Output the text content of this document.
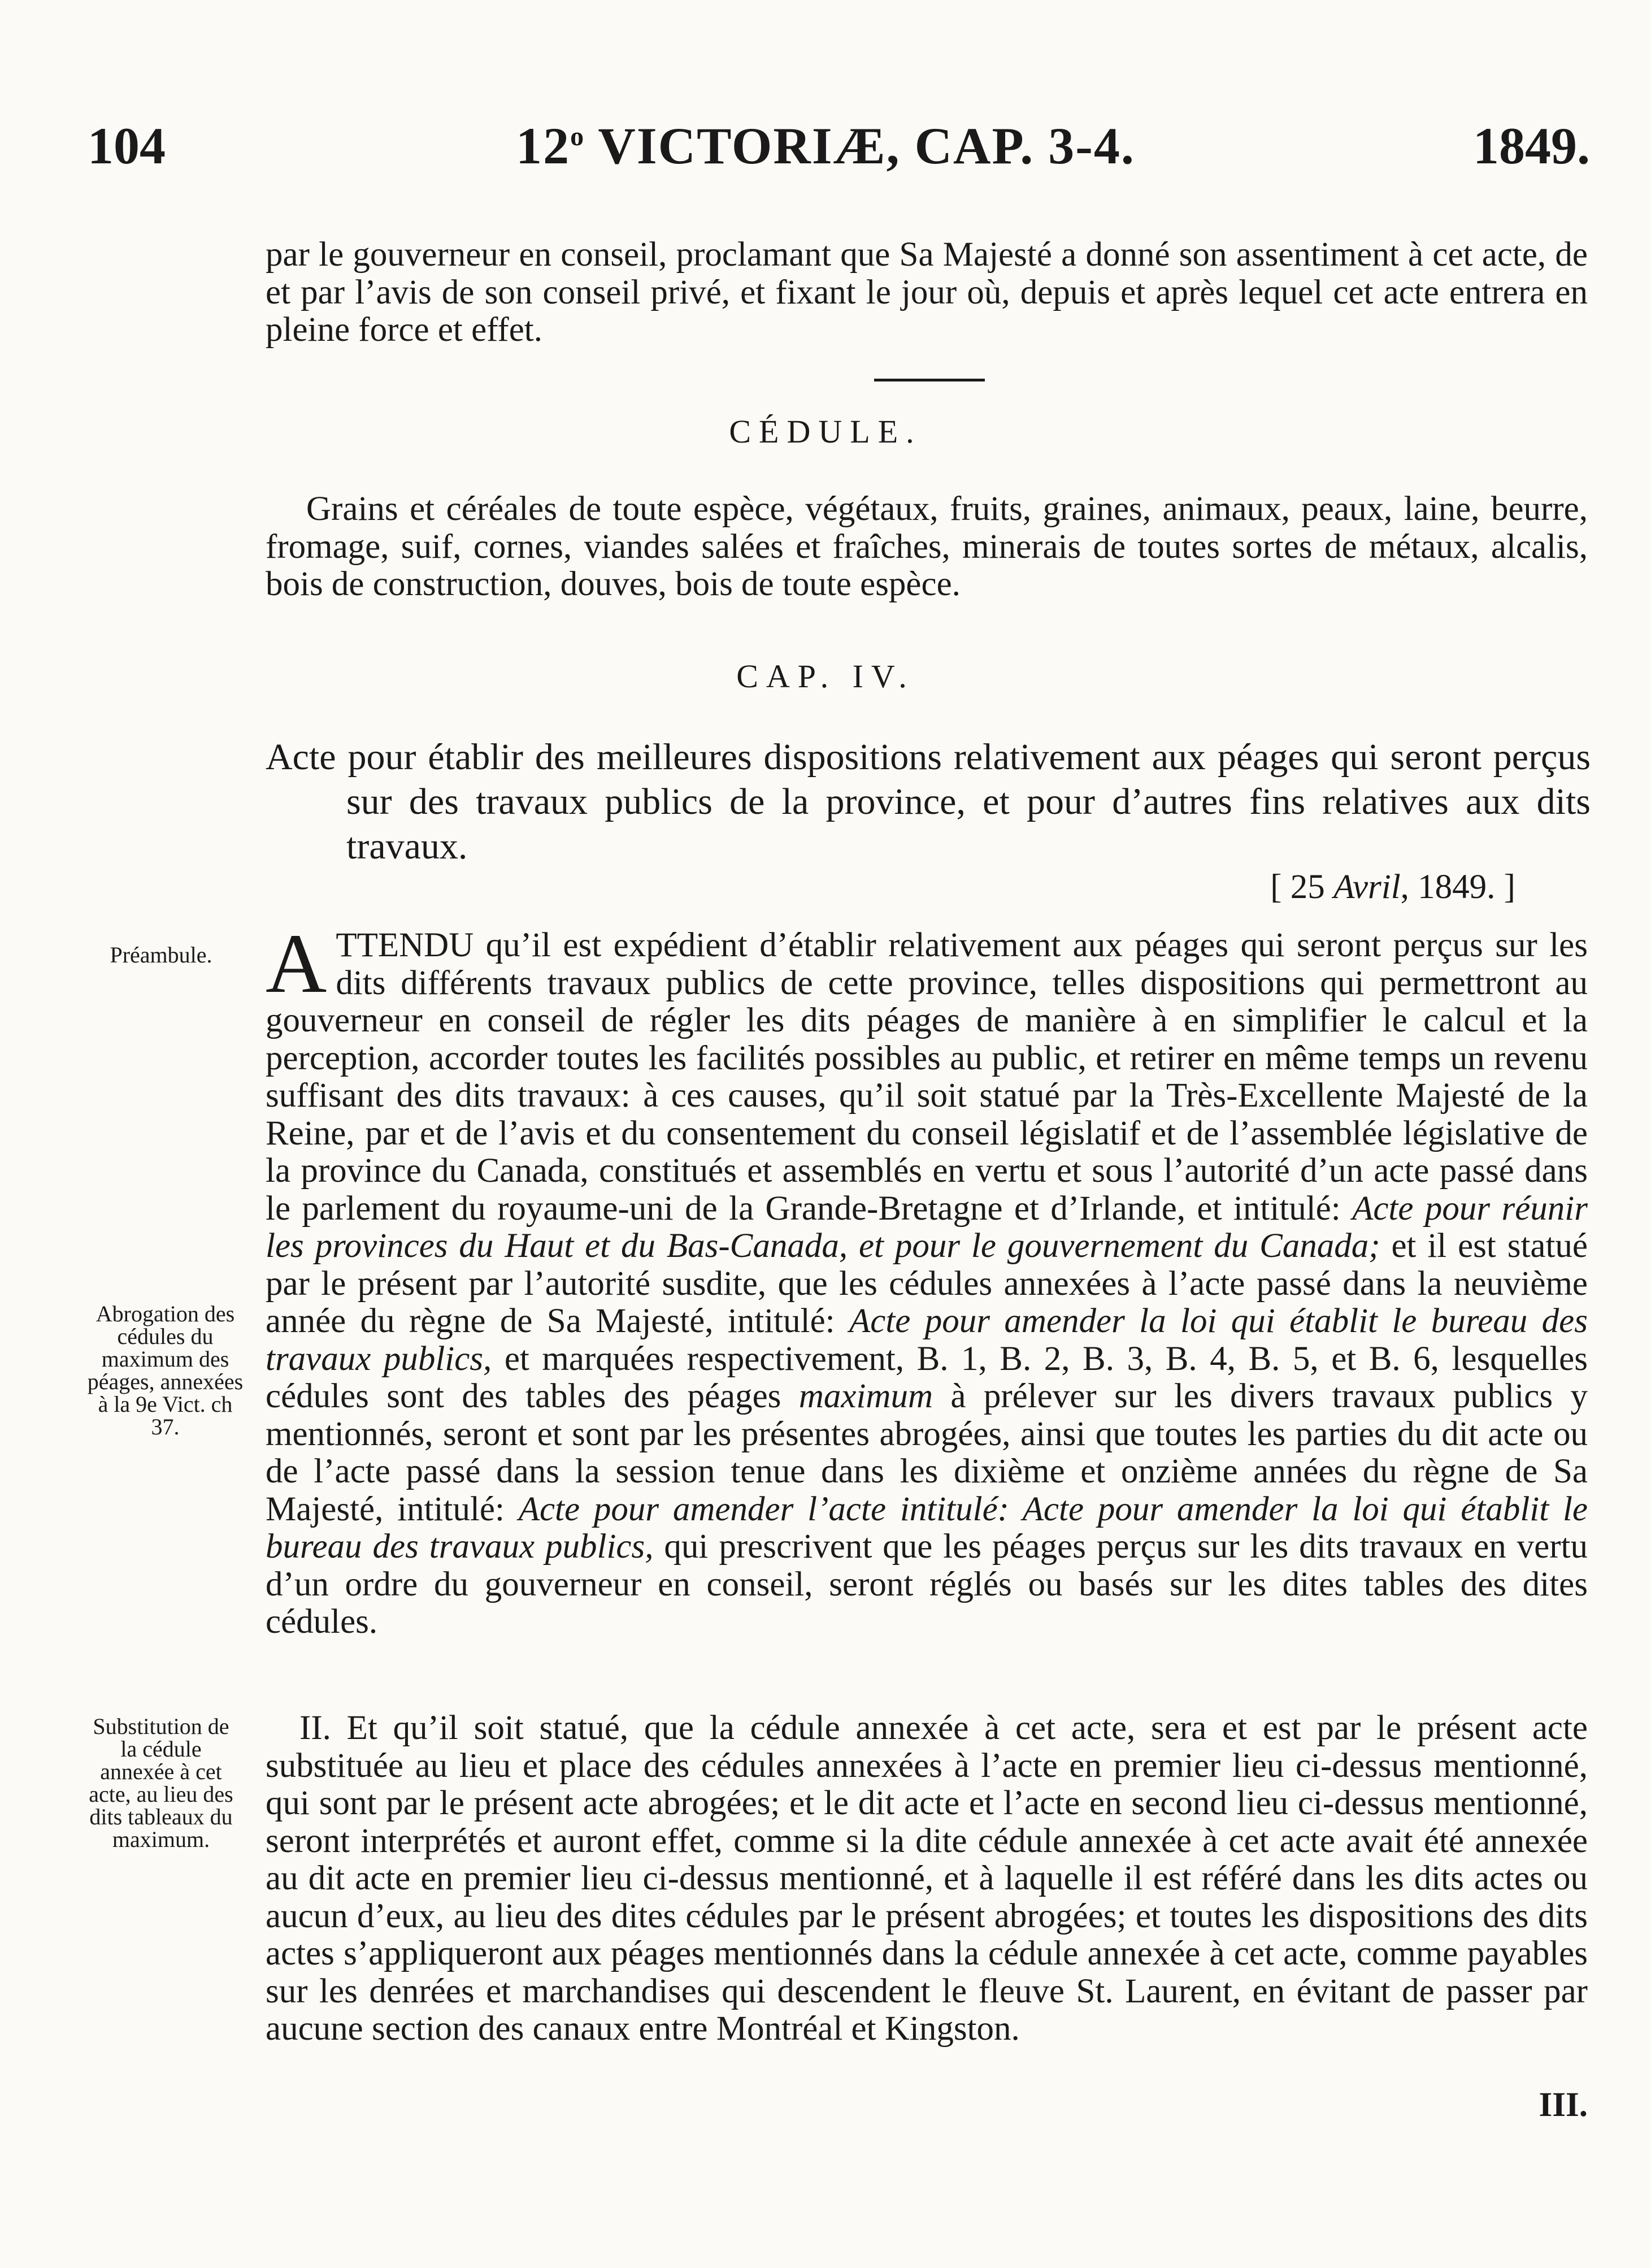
104	12$^o$ VICTORIÆ, CAP. 3-4.	1849.

par le gouverneur en conseil, proclamant que Sa Majesté a donné son assentiment à cet acte, de et par l’avis de son conseil privé, et fixant le jour où, depuis et après lequel cet acte entrera en pleine force et effet.

CÉDULE.

Grains et céréales de toute espèce, végétaux, fruits, graines, animaux, peaux, laine, beurre, fromage, suif, cornes, viandes salées et fraîches, minerais de toutes sortes de métaux, alcalis, bois de construction, douves, bois de toute espèce.

CAP. IV.

Acte pour établir des meilleures dispositions relativement aux péages qui seront perçus sur des travaux publics de la province, et pour d’autres fins relatives aux dits travaux.

[ 25 Avril, 1849. ]

ATTENDU qu’il est expédient d’établir relativement aux péages qui seront perçus sur les dits différents travaux publics de cette province, telles dispositions qui permettront au gouverneur en conseil de régler les dits péages de manière à en simplifier le calcul et la perception, accorder toutes les facilités possibles au public, et retirer en même temps un revenu suffisant des dits travaux: à ces causes, qu’il soit statué par la Très-Excellente Majesté de la Reine, par et de l’avis et du consentement du conseil législatif et de l’assemblée législative de la province du Canada, constitués et assemblés en vertu et sous l’autorité d’un acte passé dans le parlement du royaume-uni de la Grande-Bretagne et d’Irlande, et intitulé: Acte pour réunir les provinces du Haut et du Bas-Canada, et pour le gouvernement du Canada; et il est statué par le présent par l’autorité susdite, que les cédules annexées à l’acte passé dans la neuvième année du règne de Sa Majesté, intitulé: Acte pour amender la loi qui établit le bureau des travaux publics, et marquées respectivement, B. 1, B. 2, B. 3, B. 4, B. 5, et B. 6, lesquelles cédules sont des tables des péages maximum à prélever sur les divers travaux publics y mentionnés, seront et sont par les présentes abrogées, ainsi que toutes les parties du dit acte ou de l’acte passé dans la session tenue dans les dixième et onzième années du règne de Sa Majesté, intitulé: Acte pour amender l’acte intitulé: Acte pour amender la loi qui établit le bureau des travaux publics, qui prescrivent que les péages perçus sur les dits travaux en vertu d’un ordre du gouverneur en conseil, seront réglés ou basés sur les dites tables des dites cédules.

II. Et qu’il soit statué, que la cédule annexée à cet acte, sera et est par le présent acte substituée au lieu et place des cédules annexées à l’acte en premier lieu ci-dessus mentionné, qui sont par le présent acte abrogées; et le dit acte et l’acte en second lieu ci-dessus mentionné, seront interprétés et auront effet, comme si la dite cédule annexée à cet acte avait été annexée au dit acte en premier lieu ci-dessus mentionné, et à laquelle il est référé dans les dits actes ou aucun d’eux, au lieu des dites cédules par le présent abrogées; et toutes les dispositions des dits actes s’appliqueront aux péages mentionnés dans la cédule annexée à cet acte, comme payables sur les denrées et marchandises qui descendent le fleuve St. Laurent, en évitant de passer par aucune section des canaux entre Montréal et Kingston.

Préambule.
Abrogation des cédules du maximum des péages, annexées à la 9e Vict. ch 37.
Substitution de la cédule annexée à cet acte, au lieu des dits tableaux du maximum.
III.
